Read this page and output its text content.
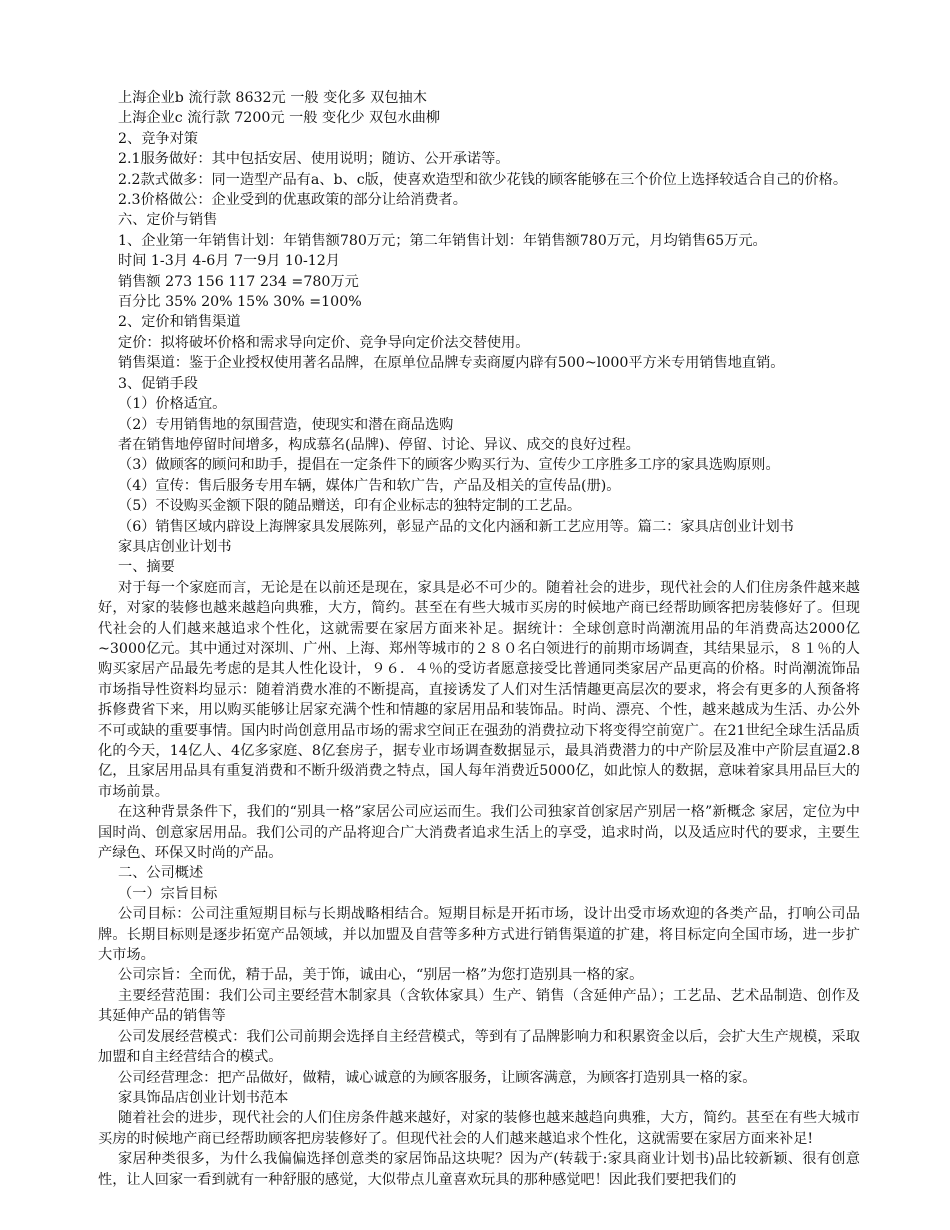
上海企业b 流行款 8632元 一般 变化多 双包抽木
上海企业c 流行款 7200元 一般 变化少 双包水曲柳
2、竞争对策
2.1服务做好：其中包括安居、使用说明；随访、公开承诺等。

2.2款式做多：同一造型产品有a、b、c版，使喜欢造型和欲少花钱的顾客能够在三个价位上选择较适合自己的价格。

2.3价格做公：企业受到的优惠政策的部分让给消费者。
六、定价与销售
1、企业第一年销售计划：年销售额780万元；第二年销售计划：年销售额780万元，月均销售65万元。
时间 1-3月 4-6月 7一9月 10-12月
销售额 273 156 117 234 =780万元
百分比 35% 20% 15% 30% =100%
2、定价和销售渠道
定价：拟将破坏价格和需求导向定价、竞争导向定价法交替使用。
销售渠道：鉴于企业授权使用著名品牌，在原单位品牌专卖商厦内辟有500~l000平方米专用销售地直销。
3、促销手段
（1）价格适宜。
（2）专用销售地的氛围营造，使现实和潜在商品选购
者在销售地停留时间增多，构成慕名(品牌)、停留、讨论、异议、成交的良好过程。
（3）做顾客的顾问和助手，提倡在一定条件下的顾客少购买行为、宣传少工序胜多工序的家具选购原则。
（4）宣传：售后服务专用车辆，媒体广告和软广告，产品及相关的宣传品(册)。
（5）不设购买金额下限的随品赠送，印有企业标志的独特定制的工艺品。
（6）销售区域内辟设上海牌家具发展陈列，彰显产品的文化内涵和新工艺应用等。篇二：家具店创业计划书
家具店创业计划书
一、摘要

对于每一个家庭而言，无论是在以前还是现在，家具是必不可少的。随着社会的进步，现代社会的人们住房条件越来越好，对家的装修也越来越趋向典雅，大方，简约。甚至在有些大城市买房的时候地产商已经帮助顾客把房装修好了。但现代社会的人们越来越追求个性化，这就需要在家居方面来补足。据统计：全球创意时尚潮流用品的年消费高达2000亿~3000亿元。其中通过对深圳、广州、上海、郑州等城市的２８０名白领进行的前期市场调查，其结果显示，８１％的人购买家居产品最先考虑的是其人性化设计，９６．４％的受访者愿意接受比普通同类家居产品更高的价格。时尚潮流饰品市场指导性资料均显示：随着消费水准的不断提高，直接诱发了人们对生活情趣更高层次的要求，将会有更多的人预备将拆修费省下来，用以购买能够让居家充满个性和情趣的家居用品和装饰品。时尚、漂亮、个性，越来越成为生活、办公外不可或缺的重要事情。国内时尚创意用品市场的需求空间正在强劲的消费拉动下将变得空前宽广。在21世纪全球生活品质化的今天，14亿人、4亿多家庭、8亿套房子，据专业市场调查数据显示，最具消费潜力的中产阶层及准中产阶层直逼2.8亿，且家居用品具有重复消费和不断升级消费之特点，国人每年消费近5000亿，如此惊人的数据，意味着家具用品巨大的市场前景。

在这种背景条件下，我们的“别具一格”家居公司应运而生。我们公司独家首创家居产别居一格”新概念 家居，定位为中国时尚、创意家居用品。我们公司的产品将迎合广大消费者追求生活上的享受，追求时尚，以及适应时代的要求，主要生产绿色、环保又时尚的产品。

二、公司概述
（一）宗旨目标

公司目标：公司注重短期目标与长期战略相结合。短期目标是开拓市场，设计出受市场欢迎的各类产品，打响公司品牌。长期目标则是逐步拓宽产品领域，并以加盟及自营等多种方式进行销售渠道的扩建，将目标定向全国市场，进一步扩大市场。

公司宗旨：全而优，精于品，美于饰，诚由心，“别居一格”为您打造别具一格的家。

主要经营范围：我们公司主要经营木制家具（含软体家具）生产、销售（含延伸产品）；工艺品、艺术品制造、创作及其延伸产品的销售等

公司发展经营模式：我们公司前期会选择自主经营模式，等到有了品牌影响力和积累资金以后，会扩大生产规模，采取加盟和自主经营结合的模式。

公司经营理念：把产品做好，做精，诚心诚意的为顾客服务，让顾客满意，为顾客打造别具一格的家。

家具饰品店创业计划书范本

随着社会的进步，现代社会的人们住房条件越来越好，对家的装修也越来越趋向典雅，大方，简约。甚至在有些大城市买房的时候地产商已经帮助顾客把房装修好了。但现代社会的人们越来越追求个性化，这就需要在家居方面来补足!

家居种类很多，为什么我偏偏选择创意类的家居饰品这块呢？因为产(转载于:家具商业计划书)品比较新颖、很有创意性，让人回家一看到就有一种舒服的感觉，大似带点儿童喜欢玩具的那种感觉吧！因此我们要把我们的
